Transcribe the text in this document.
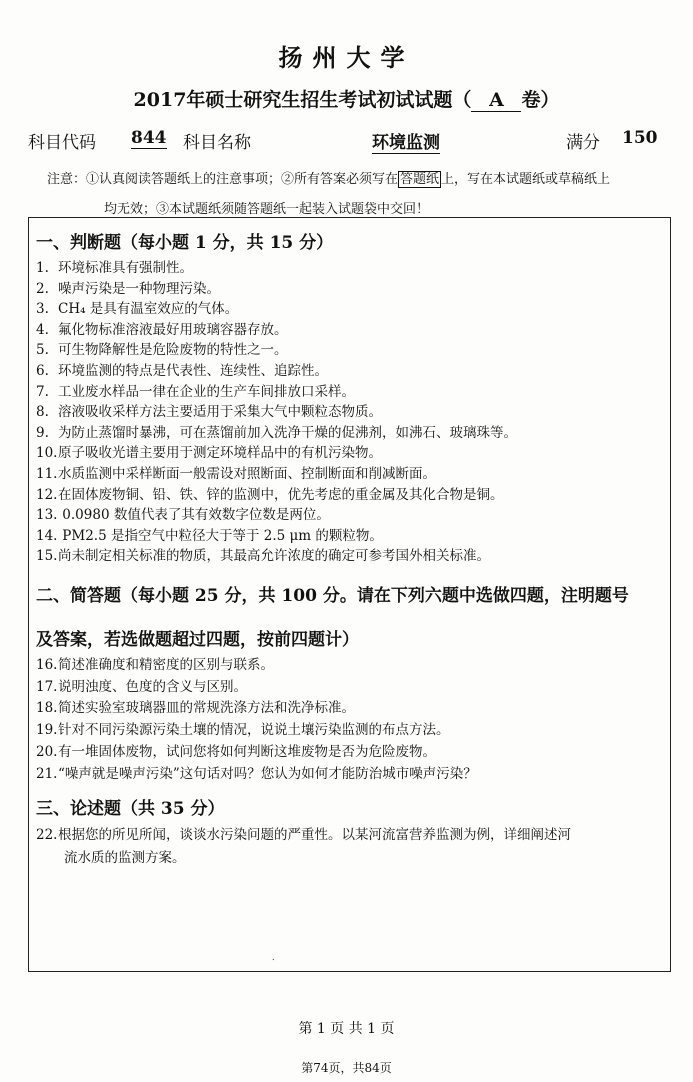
扬州大学
2017年硕士研究生招生考试初试试题（ A 卷）
科目代码 844 科目名称	环境监测	满分 150
注意：①认真阅读答题纸上的注意事项；②所有答案必须写在 答题纸 上，写在本试题纸或草稿纸上
均无效；③本试题纸须随答题纸一起装入试题袋中交回！
一、判断题（每小题 1 分，共 15 分）
1. 环境标准具有强制性。
2. 噪声污染是一种物理污染。
3. CH₄ 是具有温室效应的气体。
4. 氟化物标准溶液最好用玻璃容器存放。
5. 可生物降解性是危险废物的特性之一。
6. 环境监测的特点是代表性、连续性、追踪性。
7. 工业废水样品一律在企业的生产车间排放口采样。
8. 溶液吸收采样方法主要适用于采集大气中颗粒态物质。
9. 为防止蒸馏时暴沸，可在蒸馏前加入洗净干燥的促沸剂，如沸石、玻璃珠等。
10.原子吸收光谱主要用于测定环境样品中的有机污染物。
11.水质监测中采样断面一般需设对照断面、控制断面和削减断面。
12.在固体废物铜、铅、铁、锌的监测中，优先考虑的重金属及其化合物是铜。
13. 0.0980 数值代表了其有效数字位数是两位。
14. PM2.5 是指空气中粒径大于等于 2.5 μm 的颗粒物。
15.尚未制定相关标准的物质，其最高允许浓度的确定可参考国外相关标准。
二、简答题（每小题 25 分，共 100 分。请在下列六题中选做四题，注明题号
及答案，若选做题超过四题，按前四题计）
16.简述准确度和精密度的区别与联系。
17.说明浊度、色度的含义与区别。
18.简述实验室玻璃器皿的常规洗涤方法和洗净标准。
19.针对不同污染源污染土壤的情况，说说土壤污染监测的布点方法。
20.有一堆固体废物，试问您将如何判断这堆废物是否为危险废物。
21.“噪声就是噪声污染”这句话对吗？您认为如何才能防治城市噪声污染？
三、论述题（共 35 分）
22.根据您的所见所闻，谈谈水污染问题的严重性。以某河流富营养监测为例，详细阐述河
流水质的监测方案。
⸱
第 1 页 共 1 页
第74页，共84页
